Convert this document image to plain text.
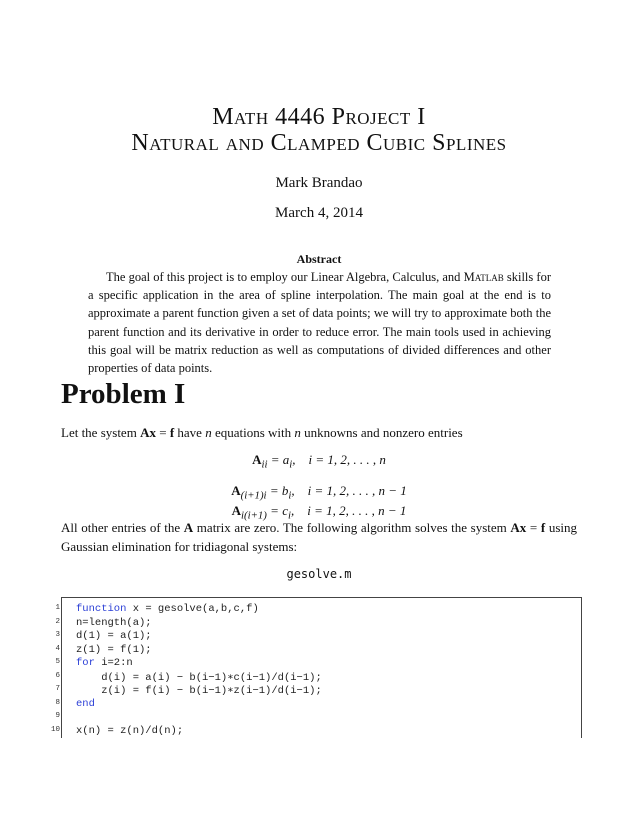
Math 4446 Project I
Natural and Clamped Cubic Splines
Mark Brandao
March 4, 2014
Abstract
The goal of this project is to employ our Linear Algebra, Calculus, and Matlab skills for a specific application in the area of spline interpolation. The main goal at the end is to approximate a parent function given a set of data points; we will try to approximate both the parent function and its derivative in order to reduce error. The main tools used in achieving this goal will be matrix reduction as well as computations of divided differences and other properties of data points.
Problem I
Let the system Ax = f have n equations with n unknowns and nonzero entries
$A_{ii} = a_i$,    i = 1, 2, . . . , n
$A_{(i+1)i} = b_i$,    i = 1, 2, . . . , n − 1
$A_{i(i+1)} = c_i$,    i = 1, 2, . . . , n − 1
All other entries of the A matrix are zero. The following algorithm solves the system Ax = f using Gaussian elimination for tridiagonal systems:
gesolve.m
1 function x = gesolve(a,b,c,f)
2 n=length(a);
3 d(1) = a(1);
4 z(1) = f(1);
5 for i=2:n
6 d(i) = a(i) − b(i−1)∗c(i−1)/d(i−1);
7 z(i) = f(i) − b(i−1)∗z(i−1)/d(i−1);
8 end
9
10 x(n) = z(n)/d(n);
